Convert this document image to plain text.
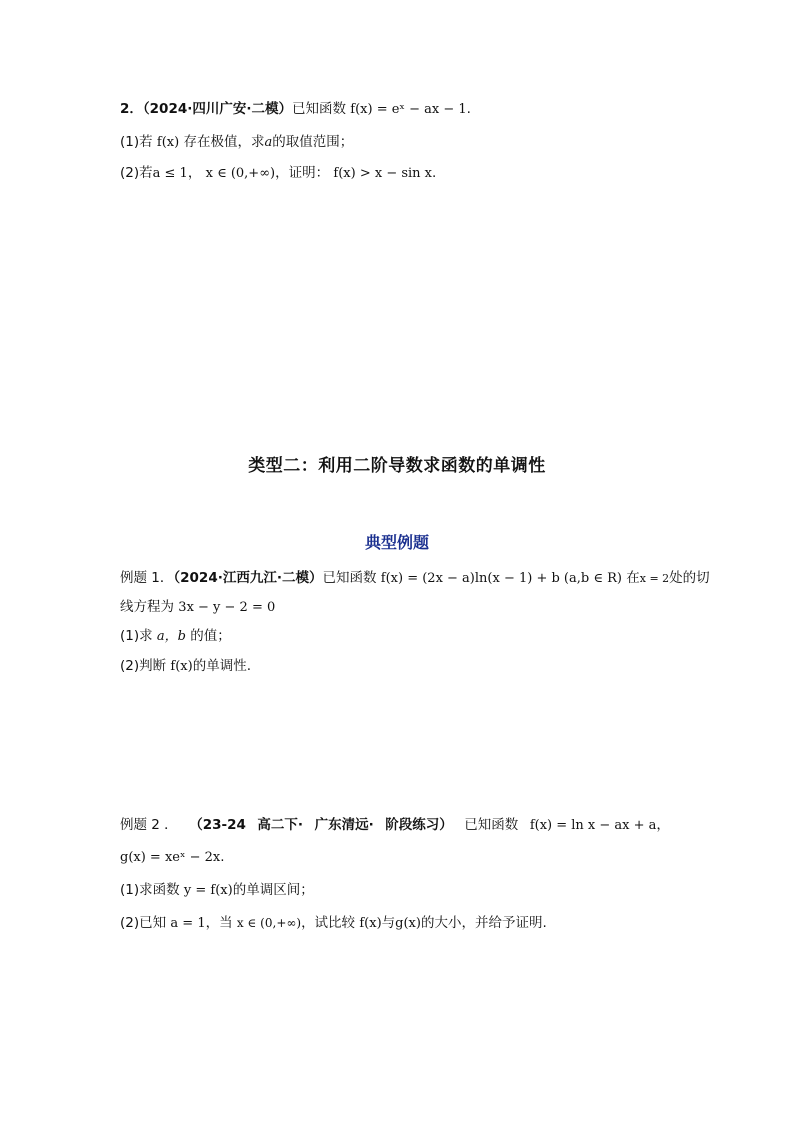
2．（2024·四川广安·二模）已知函数 f(x) = eˣ − ax − 1.
(1)若 f(x) 存在极值，求a的取值范围；
(2)若a ≤ 1， x ∈ (0,+∞)，证明： f(x) > x − sin x.
类型二：利用二阶导数求函数的单调性
典型例题
例题 1．（2024·江西九江·二模）已知函数 f(x) = (2x − a)ln(x − 1) + b (a,b ∈ R) 在x = 2处的切
线方程为 3x − y − 2 = 0
(1)求 a，b 的值；
(2)判断 f(x)的单调性.
例题 2 ． （23-24 高二下· 广东清远· 阶段练习） 已知函数 f(x) = ln x − ax + a，
g(x) = xeˣ − 2x.
(1)求函数 y = f(x)的单调区间；
(2)已知 a = 1，当 x ∈ (0,+∞)，试比较 f(x)与g(x)的大小，并给予证明.
